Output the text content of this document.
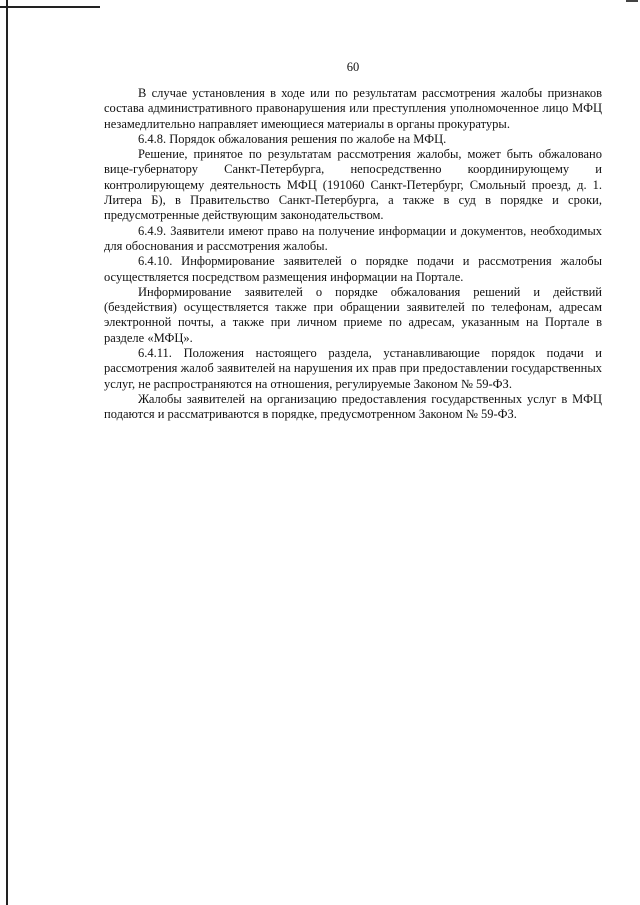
60

В случае установления в ходе или по результатам рассмотрения жалобы признаков состава административного правонарушения или преступления уполномоченное лицо МФЦ незамедлительно направляет имеющиеся материалы в органы прокуратуры.

6.4.8. Порядок обжалования решения по жалобе на МФЦ.

Решение, принятое по результатам рассмотрения жалобы, может быть обжаловано вице-губернатору Санкт-Петербурга, непосредственно координирующему и контролирующему деятельность МФЦ (191060 Санкт-Петербург, Смольный проезд, д. 1. Литера Б), в Правительство Санкт-Петербурга, а также в суд в порядке и сроки, предусмотренные действующим законодательством.

6.4.9. Заявители имеют право на получение информации и документов, необходимых для обоснования и рассмотрения жалобы.

6.4.10. Информирование заявителей о порядке подачи и рассмотрения жалобы осуществляется посредством размещения информации на Портале.

Информирование заявителей о порядке обжалования решений и действий (бездействия) осуществляется также при обращении заявителей по телефонам, адресам электронной почты, а также при личном приеме по адресам, указанным на Портале в разделе «МФЦ».

6.4.11. Положения настоящего раздела, устанавливающие порядок подачи и рассмотрения жалоб заявителей на нарушения их прав при предоставлении государственных услуг, не распространяются на отношения, регулируемые Законом № 59-ФЗ.

Жалобы заявителей на организацию предоставления государственных услуг в МФЦ подаются и рассматриваются в порядке, предусмотренном Законом № 59-ФЗ.
